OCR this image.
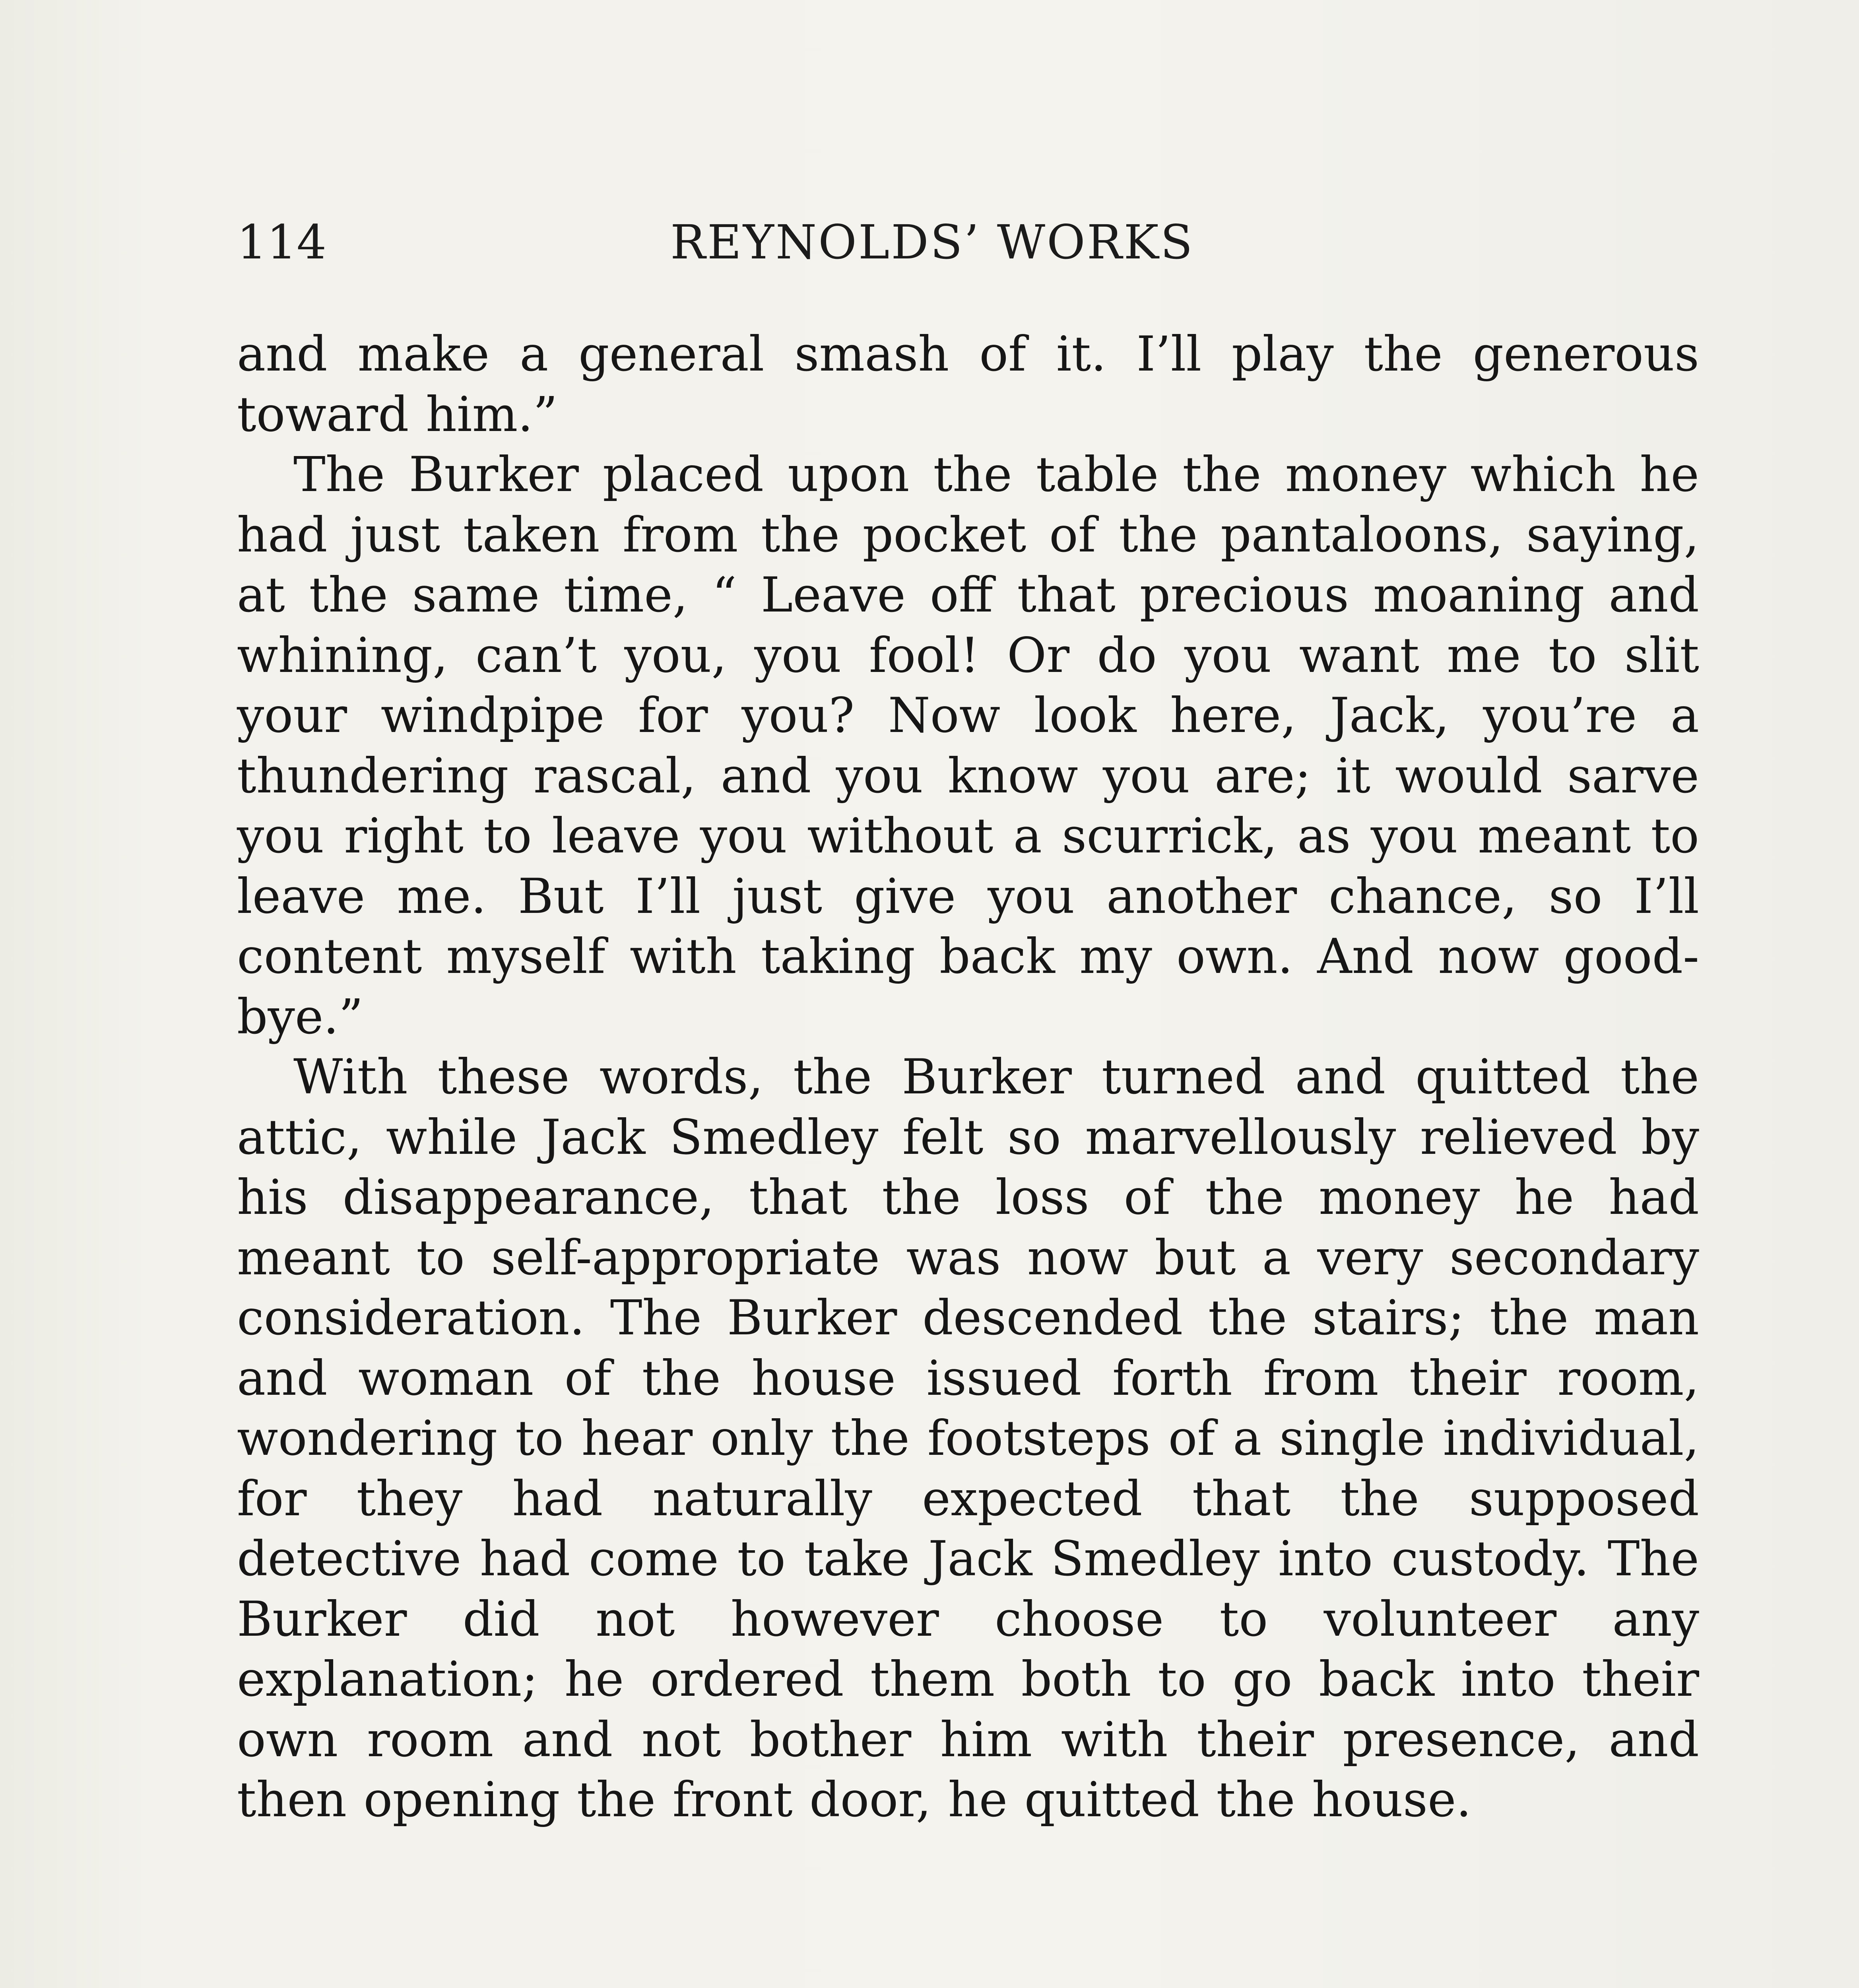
114	REYNOLDS’ WORKS

and make a general smash of it. I’ll play the generous toward him.”

The Burker placed upon the table the money which he had just taken from the pocket of the pantaloons, saying, at the same time, “ Leave off that precious moaning and whining, can’t you, you fool! Or do you want me to slit your windpipe for you? Now look here, Jack, you’re a thundering rascal, and you know you are; it would sarve you right to leave you without a scurrick, as you meant to leave me. But I’ll just give you another chance, so I’ll content myself with taking back my own. And now good-bye.”

With these words, the Burker turned and quitted the attic, while Jack Smedley felt so marvellously relieved by his disappearance, that the loss of the money he had meant to self-appropriate was now but a very secondary consideration. The Burker descended the stairs; the man and woman of the house issued forth from their room, wondering to hear only the footsteps of a single individual, for they had naturally expected that the supposed detective had come to take Jack Smedley into custody. The Burker did not however choose to volunteer any explanation; he ordered them both to go back into their own room and not bother him with their presence, and then opening the front door, he quitted the house.
